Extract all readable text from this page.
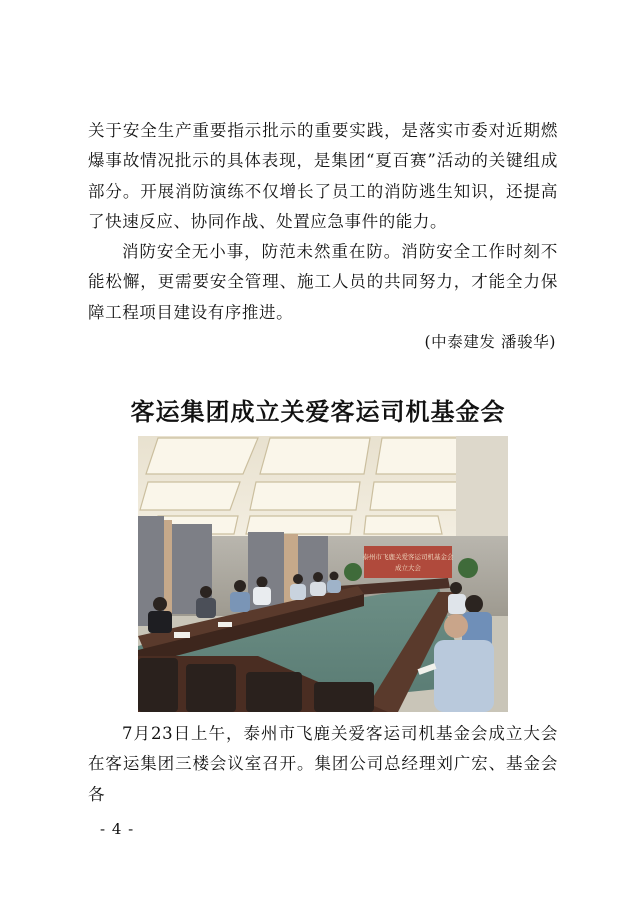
关于安全生产重要指示批示的重要实践，是落实市委对近期燃爆事故情况批示的具体表现，是集团“夏百赛”活动的关键组成部分。开展消防演练不仅增长了员工的消防逃生知识，还提高了快速反应、协同作战、处置应急事件的能力。

消防安全无小事，防范未然重在防。消防安全工作时刻不能松懈，更需要安全管理、施工人员的共同努力，才能全力保障工程项目建设有序推进。

(中泰建发 潘骏华)
客运集团成立关爱客运司机基金会
泰州市飞鹿关爱客运司机基金会
成立大会

7月23日上午，泰州市飞鹿关爱客运司机基金会成立大会在客运集团三楼会议室召开。集团公司总经理刘广宏、基金会各

- 4 -
